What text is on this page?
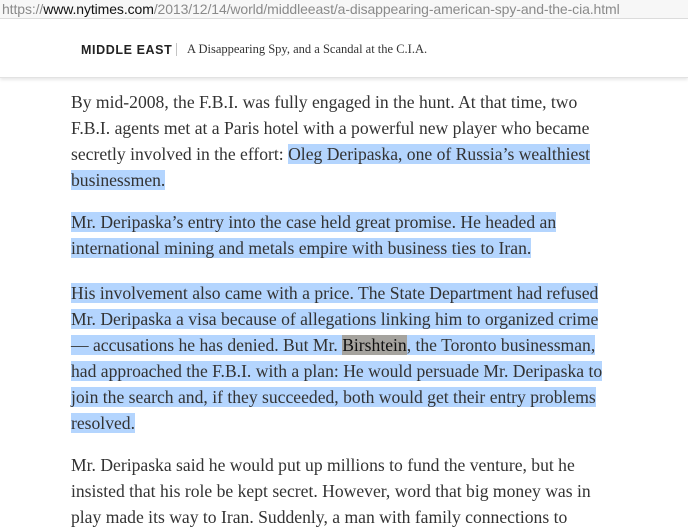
https://www.nytimes.com/2013/12/14/world/middleeast/a-disappearing-american-spy-and-the-cia.html
MIDDLE EAST A Disappearing Spy, and a Scandal at the C.I.A.
By mid-2008, the F.B.I. was fully engaged in the hunt. At that time, two
F.B.I. agents met at a Paris hotel with a powerful new player who became
secretly involved in the effort: Oleg Deripaska, one of Russia’s wealthiest
businessmen.
Mr. Deripaska’s entry into the case held great promise. He headed an
international mining and metals empire with business ties to Iran.
His involvement also came with a price. The State Department had refused
Mr. Deripaska a visa because of allegations linking him to organized crime
— accusations he has denied. But Mr. Birshtein, the Toronto businessman,
had approached the F.B.I. with a plan: He would persuade Mr. Deripaska to
join the search and, if they succeeded, both would get their entry problems
resolved.
Mr. Deripaska said he would put up millions to fund the venture, but he
insisted that his role be kept secret. However, word that big money was in
play made its way to Iran. Suddenly, a man with family connections to
